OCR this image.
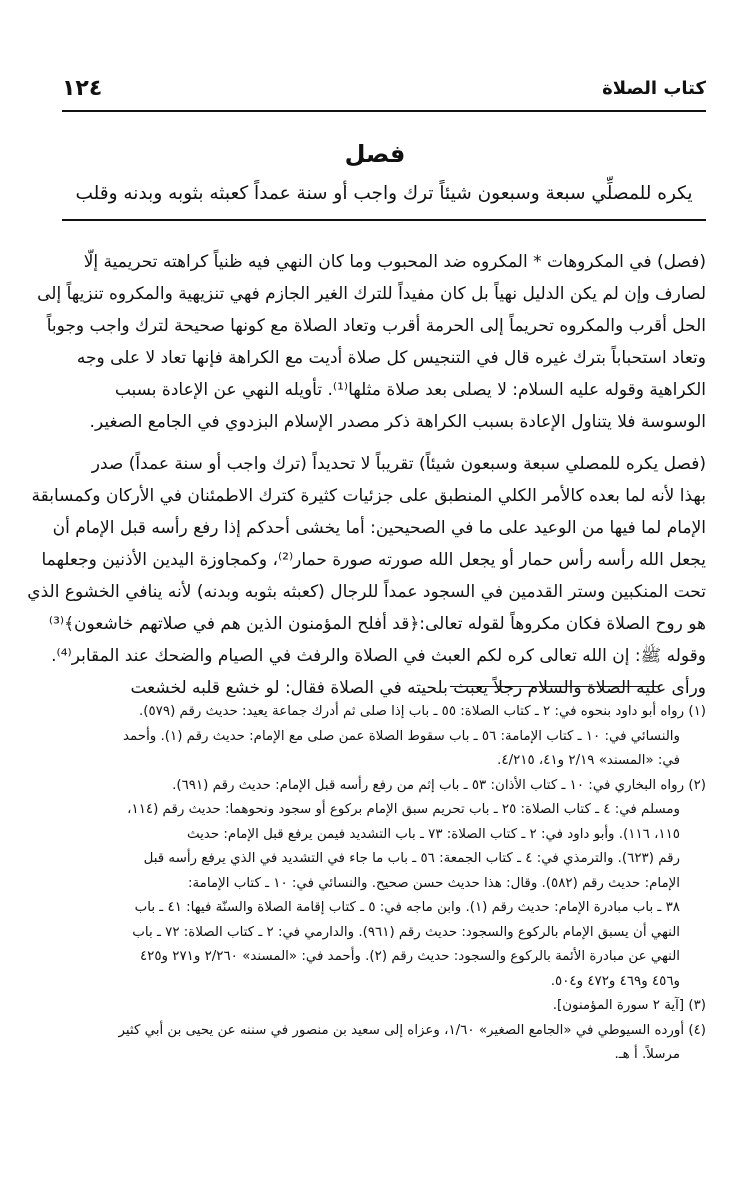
كتاب الصلاة
١٢٤
فصل
يكره للمصلِّي سبعة وسبعون شيئاً ترك واجب أو سنة عمداً كعبثه بثوبه وبدنه وقلب
(فصل) في المكروهات * المكروه ضد المحبوب وما كان النهي فيه ظنياً كراهته تحريمية إلّا
لصارف وإن لم يكن الدليل نهياً بل كان مفيداً للترك الغير الجازم فهي تنزيهية والمكروه تنزيهاً إلى
الحل أقرب والمكروه تحريماً إلى الحرمة أقرب وتعاد الصلاة مع كونها صحيحة لترك واجب وجوباً
وتعاد استحباباً بترك غيره قال في التنجيس كل صلاة أديت مع الكراهة فإنها تعاد لا على وجه
الكراهية وقوله عليه السلام: لا يصلى بعد صلاة مثلها⁽¹⁾. تأويله النهي عن الإعادة بسبب
الوسوسة فلا يتناول الإعادة بسبب الكراهة ذكر مصدر الإسلام البزدوي في الجامع الصغير.
(فصل يكره للمصلي سبعة وسبعون شيئاً) تقريباً لا تحديداً (ترك واجب أو سنة عمداً) صدر
بهذا لأنه لما بعده كالأمر الكلي المنطبق على جزئيات كثيرة كترك الاطمئنان في الأركان وكمسابقة
الإمام لما فيها من الوعيد على ما في الصحيحين: أما يخشى أحدكم إذا رفع رأسه قبل الإمام أن
يجعل الله رأسه رأس حمار أو يجعل الله صورته صورة حمار⁽²⁾، وكمجاوزة اليدين الأذنين وجعلهما
تحت المنكبين وستر القدمين في السجود عمداً للرجال (كعبثه بثوبه وبدنه) لأنه ينافي الخشوع الذي
هو روح الصلاة فكان مكروهاً لقوله تعالى:﴿قد أفلح المؤمنون الذين هم في صلاتهم خاشعون﴾⁽³⁾
وقوله ﷺ: إن الله تعالى كره لكم العبث في الصلاة والرفث في الصيام والضحك عند المقابر⁽⁴⁾.
ورأى عليه الصلاة والسلام رجلاً يعبث بلحيته في الصلاة فقال: لو خشع قلبه لخشعت
(١) رواه أبو داود بنحوه في: ٢ ـ كتاب الصلاة: ٥٥ ـ باب إذا صلى ثم أدرك جماعة يعيد: حديث رقم (٥٧٩).
والنسائي في: ١٠ ـ كتاب الإمامة: ٥٦ ـ باب سقوط الصلاة عمن صلى مع الإمام: حديث رقم (١). وأحمد
في: «المسند» ٢/١٩ و٤١، ٤/٢١٥.
(٢) رواه البخاري في: ١٠ ـ كتاب الأذان: ٥٣ ـ باب إثم من رفع رأسه قبل الإمام: حديث رقم (٦٩١).
ومسلم في: ٤ ـ كتاب الصلاة: ٢٥ ـ باب تحريم سبق الإمام بركوع أو سجود ونحوهما: حديث رقم (١١٤،
١١٥، ١١٦). وأبو داود في: ٢ ـ كتاب الصلاة: ٧٣ ـ باب التشديد فيمن يرفع قبل الإمام: حديث
رقم (٦٢٣). والترمذي في: ٤ ـ كتاب الجمعة: ٥٦ ـ باب ما جاء في التشديد في الذي يرفع رأسه قبل
الإمام: حديث رقم (٥٨٢). وقال: هذا حديث حسن صحيح. والنسائي في: ١٠ ـ كتاب الإمامة:
٣٨ ـ باب مبادرة الإمام: حديث رقم (١). وابن ماجه في: ٥ ـ كتاب إقامة الصلاة والسنّة فيها: ٤١ ـ باب
النهي أن يسبق الإمام بالركوع والسجود: حديث رقم (٩٦١). والدارمي في: ٢ ـ كتاب الصلاة: ٧٢ ـ باب
النهي عن مبادرة الأئمة بالركوع والسجود: حديث رقم (٢). وأحمد في: «المسند» ٢/٢٦٠ و٢٧١ و٤٢٥
و٤٥٦ و٤٦٩ و٤٧٢ و٥٠٤.
(٣) [آية ٢ سورة المؤمنون].
(٤) أورده السيوطي في «الجامع الصغير» ١/٦٠، وعزاه إلى سعيد بن منصور في سننه عن يحيى بن أبي كثير
مرسلاً. أ هـ.
